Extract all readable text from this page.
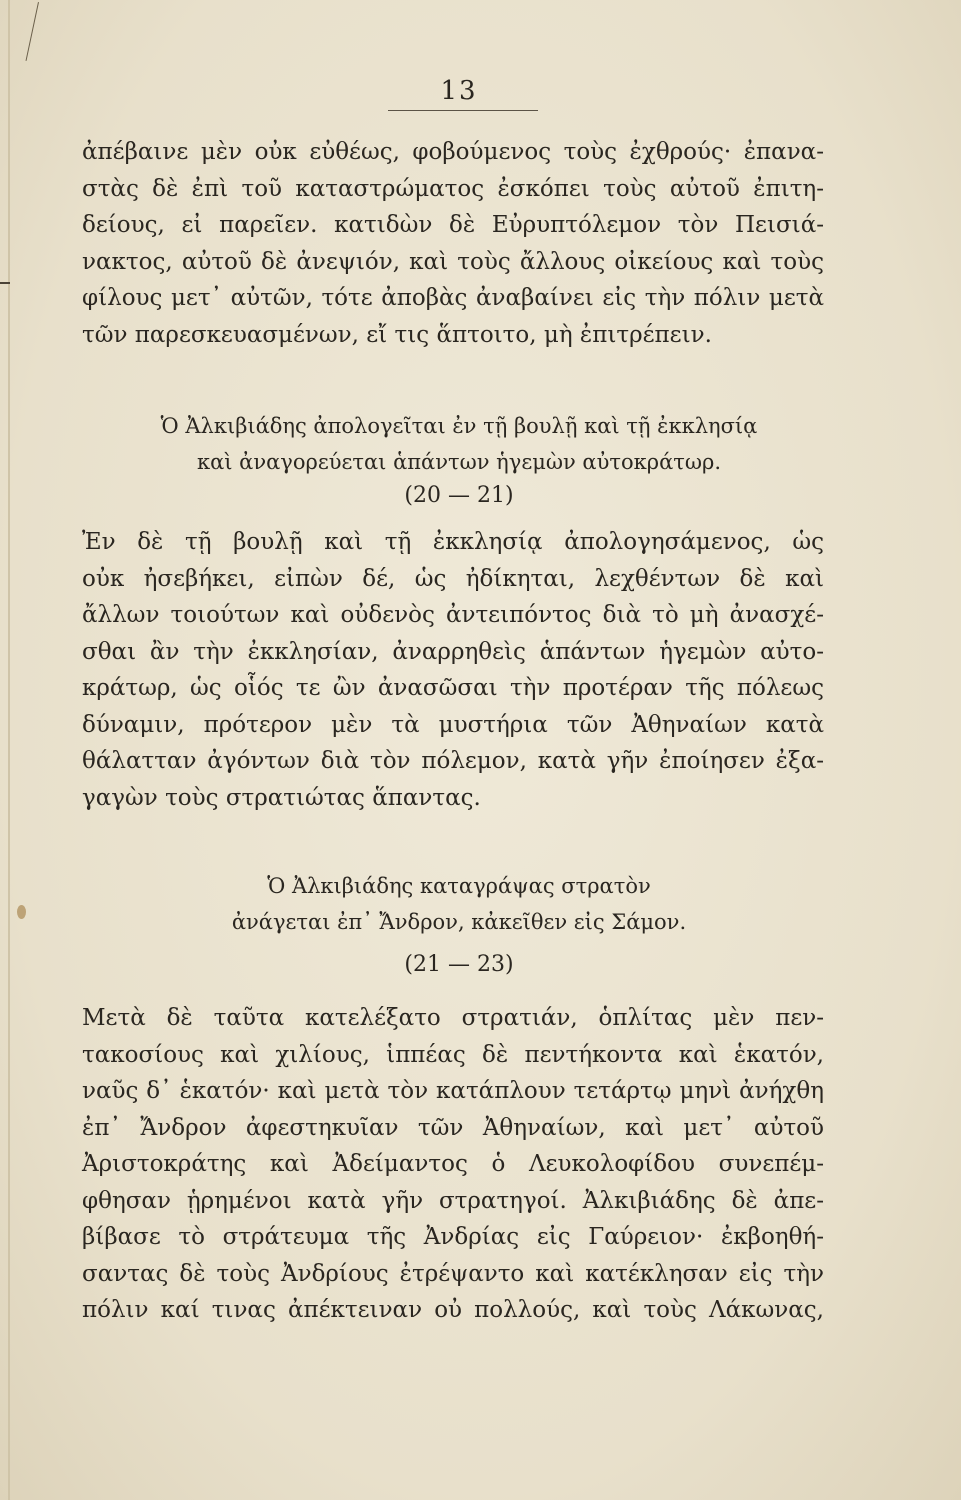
13
ἀπέβαινε μὲν οὐκ εὐθέως, φοβούμενος τοὺς ἐχθρούς· ἐπανα-
στὰς δὲ ἐπὶ τοῦ καταστρώματος ἐσκόπει τοὺς αὐτοῦ ἐπιτη-
δείους, εἰ παρεῖεν. κατιδὼν δὲ Εὐρυπτόλεμον τὸν Πεισιά-
νακτος, αὐτοῦ δὲ ἀνεψιόν, καὶ τοὺς ἄλλους οἰκείους καὶ τοὺς
φίλους μετ᾽ αὐτῶν, τότε ἀποβὰς ἀναβαίνει εἰς τὴν πόλιν μετὰ
τῶν παρεσκευασμένων, εἴ τις ἅπτοιτο, μὴ ἐπιτρέπειν.
Ὁ Ἀλκιβιάδης ἀπολογεῖται ἐν τῇ βουλῇ καὶ τῇ ἐκκλησίᾳ
καὶ ἀναγορεύεται ἁπάντων ἡγεμὼν αὐτοκράτωρ.
(20 — 21)
Ἐν δὲ τῇ βουλῇ καὶ τῇ ἐκκλησίᾳ ἀπολογησάμενος, ὡς
οὐκ ἠσεβήκει, εἰπὼν δέ, ὡς ἠδίκηται, λεχθέντων δὲ καὶ
ἄλλων τοιούτων καὶ οὐδενὸς ἀντειπόντος διὰ τὸ μὴ ἀνασχέ-
σθαι ἂν τὴν ἐκκλησίαν, ἀναρρηθεὶς ἁπάντων ἡγεμὼν αὐτο-
κράτωρ, ὡς οἷός τε ὢν ἀνασῶσαι τὴν προτέραν τῆς πόλεως
δύναμιν, πρότερον μὲν τὰ μυστήρια τῶν Ἀθηναίων κατὰ
θάλατταν ἀγόντων διὰ τὸν πόλεμον, κατὰ γῆν ἐποίησεν ἐξα-
γαγὼν τοὺς στρατιώτας ἅπαντας.
Ὁ Ἀλκιβιάδης καταγράψας στρατὸν
ἀνάγεται ἐπ᾽ Ἄνδρον, κἀκεῖθεν εἰς Σάμον.
(21 — 23)
Μετὰ δὲ ταῦτα κατελέξατο στρατιάν, ὁπλίτας μὲν πεν-
τακοσίους καὶ χιλίους, ἱππέας δὲ πεντήκοντα καὶ ἑκατόν,
ναῦς δ᾽ ἑκατόν· καὶ μετὰ τὸν κατάπλουν τετάρτῳ μηνὶ ἀνήχθη
ἐπ᾽ Ἄνδρον ἀφεστηκυῖαν τῶν Ἀθηναίων, καὶ μετ᾽ αὐτοῦ
Ἀριστοκράτης καὶ Ἀδείμαντος ὁ Λευκολοφίδου συνεπέμ-
φθησαν ᾑρημένοι κατὰ γῆν στρατηγοί. Ἀλκιβιάδης δὲ ἀπε-
βίβασε τὸ στράτευμα τῆς Ἀνδρίας εἰς Γαύρειον· ἐκβοηθή-
σαντας δὲ τοὺς Ἀνδρίους ἐτρέψαντο καὶ κατέκλησαν εἰς τὴν
πόλιν καί τινας ἀπέκτειναν οὐ πολλούς, καὶ τοὺς Λάκωνας,
